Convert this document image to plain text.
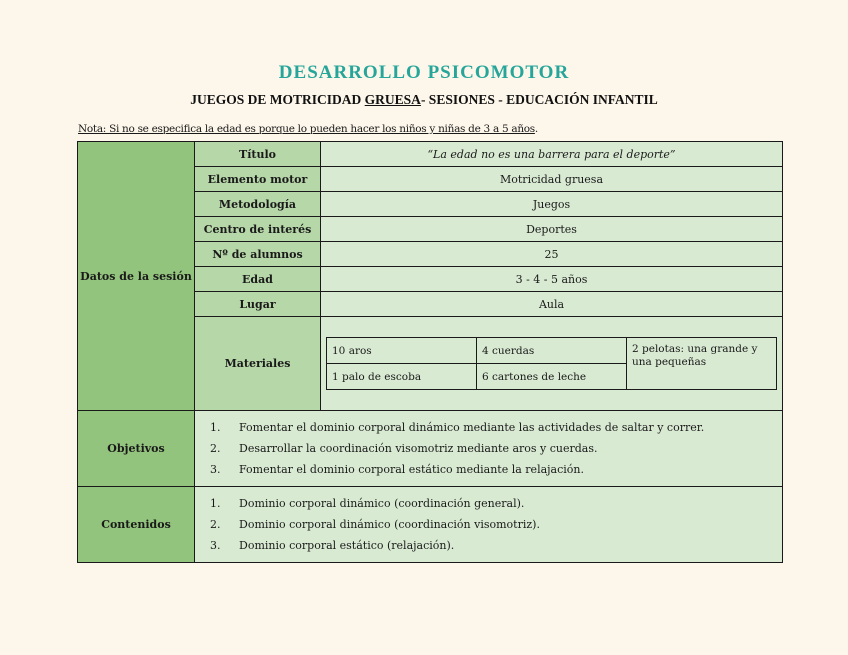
DESARROLLO PSICOMOTOR
JUEGOS DE MOTRICIDAD GRUESA- SESIONES - EDUCACIÓN INFANTIL
Nota: Si no se especifica la edad es porque lo pueden hacer los niños y niñas de 3 a 5 años.
Datos de la sesión	Título	“La edad no es una barrera para el deporte”
Elemento motor	Motricidad gruesa
Metodología	Juegos
Centro de interés	Deportes
Nº de alumnos	25
Edad	3 - 4 - 5 años
Lugar	Aula
Materiales	
10 aros	4 cuerdas	2 pelotas: una grande y una pequeñas
1 palo de escoba	6 cartones de leche

Objetivos	
1.	Fomentar el dominio corporal dinámico mediante las actividades de saltar y correr.
2.	Desarrollar la coordinación visomotriz mediante aros y cuerdas.
3.	Fomentar el dominio corporal estático mediante la relajación.

Contenidos	
1.	Dominio corporal dinámico (coordinación general).
2.	Dominio corporal dinámico (coordinación visomotriz).
3.	Dominio corporal estático (relajación).
